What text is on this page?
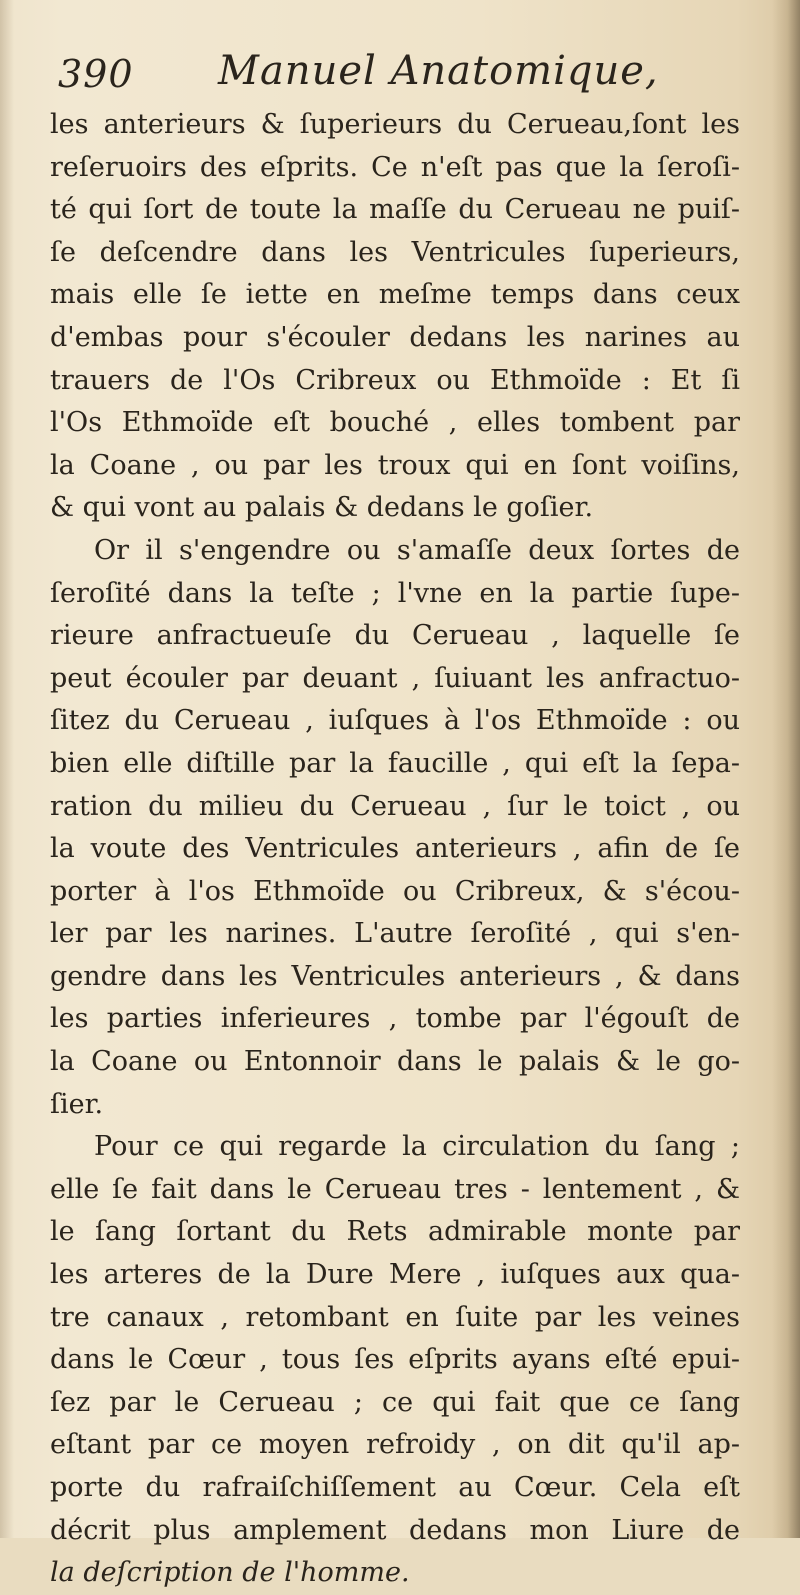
390 Manuel Anatomique,
les anterieurs & ſuperieurs du Cerueau,ſont les
reſeruoirs des eſprits. Ce n'eſt pas que la ſeroſi-
té qui ſort de toute la maſſe du Cerueau ne puiſ-
ſe deſcendre dans les Ventricules ſuperieurs,
mais elle ſe iette en meſme temps dans ceux
d'embas pour s'écouler dedans les narines au
trauers de l'Os Cribreux ou Ethmoïde : Et ſi
l'Os Ethmoïde eſt bouché , elles tombent par
la Coane , ou par les troux qui en ſont voiſins,
& qui vont au palais & dedans le goſier.
Or il s'engendre ou s'amaſſe deux ſortes de
ſeroſité dans la teſte ; l'vne en la partie ſupe-
rieure anfractueuſe du Cerueau , laquelle ſe
peut écouler par deuant , ſuiuant les anfractuo-
ſitez du Cerueau , iuſques à l'os Ethmoïde : ou
bien elle diſtille par la faucille , qui eſt la ſepa-
ration du milieu du Cerueau , ſur le toict , ou
la voute des Ventricules anterieurs , afin de ſe
porter à l'os Ethmoïde ou Cribreux, & s'écou-
ler par les narines. L'autre ſeroſité , qui s'en-
gendre dans les Ventricules anterieurs , & dans
les parties inferieures , tombe par l'égouſt de
la Coane ou Entonnoir dans le palais & le go-
ſier.
Pour ce qui regarde la circulation du ſang ;
elle ſe fait dans le Cerueau tres - lentement , &
le ſang ſortant du Rets admirable monte par
les arteres de la Dure Mere , iuſques aux qua-
tre canaux , retombant en ſuite par les veines
dans le Cœur , tous ſes eſprits ayans eſté epui-
ſez par le Cerueau ; ce qui fait que ce ſang
eſtant par ce moyen refroidy , on dit qu'il ap-
porte du rafraiſchiſſement au Cœur. Cela eſt
décrit plus amplement dedans mon Liure de
la deſcription de l'homme.
